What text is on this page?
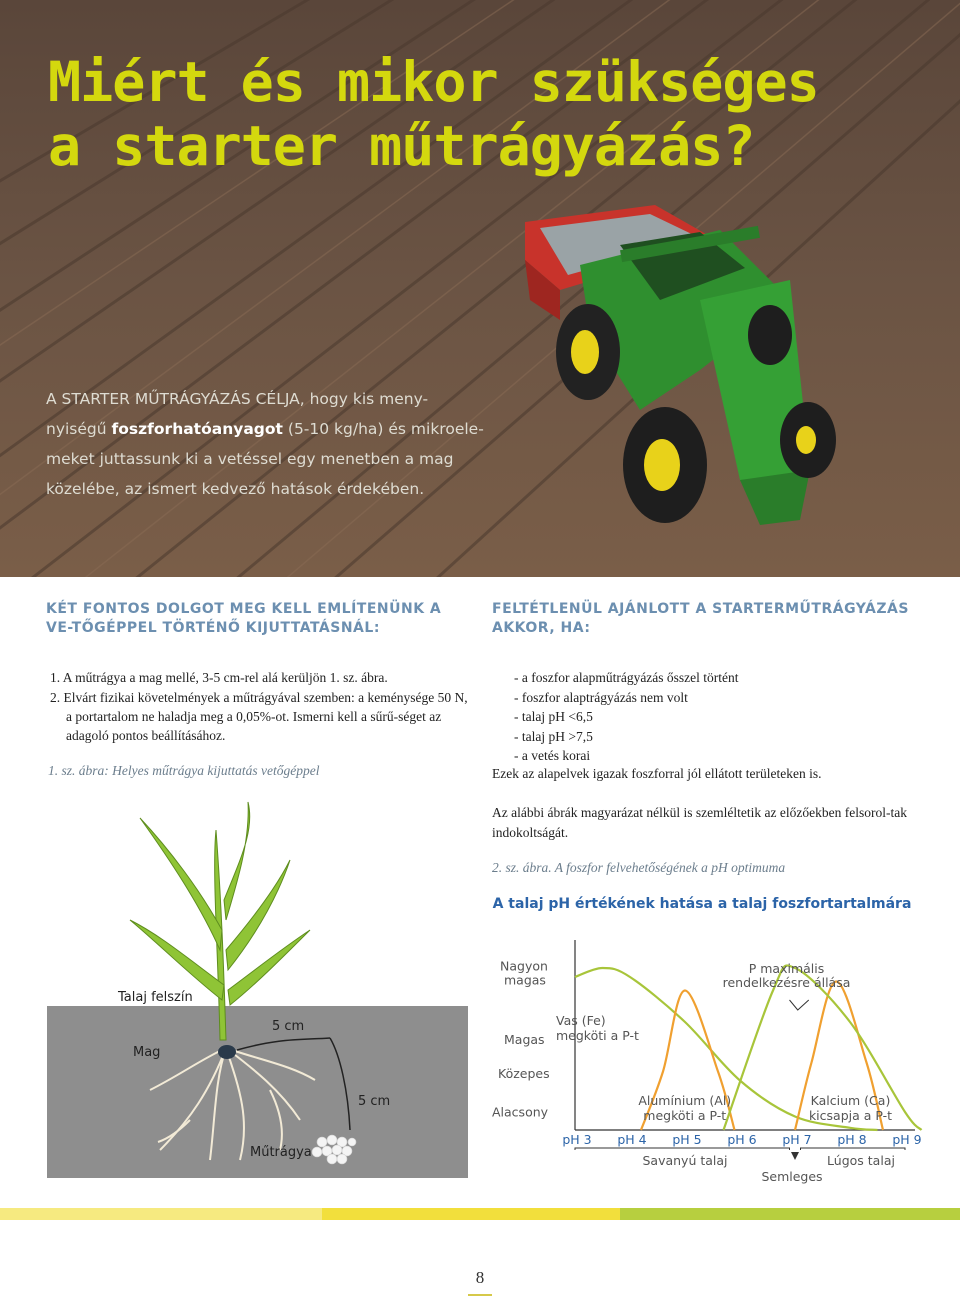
Miért és mikor szükséges
a starter műtrágyázás?
A STARTER MŰTRÁGYÁZÁS CÉLJA, hogy kis meny-nyiségű foszforhatóanyagot (5-10 kg/ha) és mikroele-meket juttassunk ki a vetéssel egy menetben a mag közelébe, az ismert kedvező hatások érdekében.
KÉT FONTOS DOLGOT MEG KELL EMLÍTENÜNK A VE-TŐGÉPPEL TÖRTÉNŐ KIJUTTATÁSNÁL:
1. A műtrágya a mag mellé, 3-5 cm-rel alá kerüljön 1. sz. ábra.
2. Elvárt fizikai követelmények a műtrágyával szemben: a keménysége 50 N, a portartalom ne haladja meg a 0,05%-ot. Ismerni kell a sűrű-séget az adagoló pontos beállításához.
1. sz. ábra: Helyes műtrágya kijuttatás vetőgéppel
Talaj felszín
Mag
5 cm
5 cm
Műtrágya
FELTÉTLENÜL AJÁNLOTT A STARTERMŰTRÁGYÁZÁS AKKOR, HA:
- a foszfor alapműtrágyázás ősszel történt
- foszfor alaptrágyázás nem volt
- talaj pH <6,5
- talaj pH >7,5
- a vetés korai

Ezek az alapelvek igazak foszforral jól ellátott területeken is.

Az alábbi ábrák magyarázat nélkül is szemléltetik az előzőekben felsorol-tak indokoltságát.

2. sz. ábra. A foszfor felvehetőségének a pH optimuma
A talaj pH értékének hatása a talaj foszfortartalmára
Alacsony
Közepes
Magas
Nagyon
magas
pH 3 pH 4 pH 5 pH 6 pH 7 pH 8 pH 9
Vas (Fe)
megköti a P-t
Alumínium (Al)
megköti a P-t
Kalcium (Ca)
kicsapja a P-t
P maximális
rendelkezésre állása
Savanyú talaj
Semleges
Lúgos talaj
8
